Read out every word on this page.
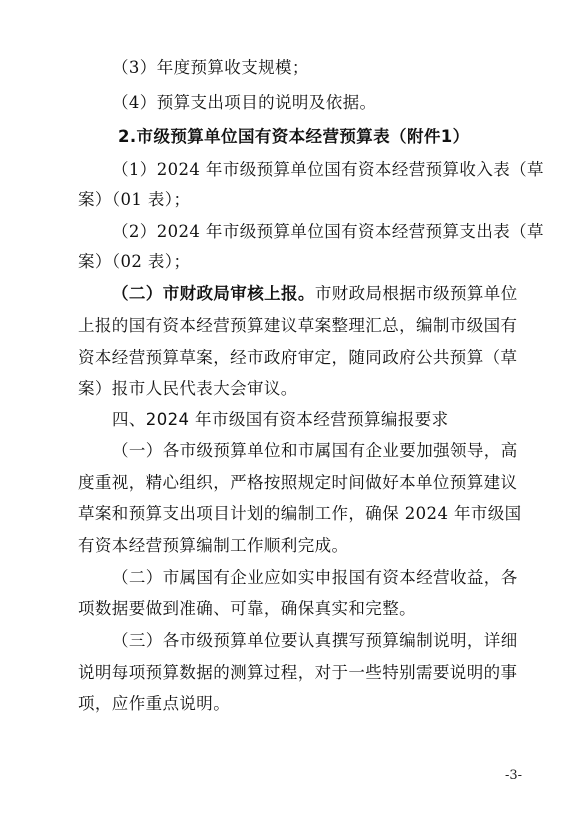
（3）年度预算收支规模；
（4）预算支出项目的说明及依据。
2.市级预算单位国有资本经营预算表（附件1）
（1）2024 年市级预算单位国有资本经营预算收入表（草
案）（01 表）；
（2）2024 年市级预算单位国有资本经营预算支出表（草
案）（02 表）；
（二）市财政局审核上报。市财政局根据市级预算单位
上报的国有资本经营预算建议草案整理汇总，编制市级国有
资本经营预算草案，经市政府审定，随同政府公共预算（草
案）报市人民代表大会审议。
四、2024 年市级国有资本经营预算编报要求
（一）各市级预算单位和市属国有企业要加强领导，高
度重视，精心组织，严格按照规定时间做好本单位预算建议
草案和预算支出项目计划的编制工作，确保 2024 年市级国
有资本经营预算编制工作顺利完成。
（二）市属国有企业应如实申报国有资本经营收益，各
项数据要做到准确、可靠，确保真实和完整。
（三）各市级预算单位要认真撰写预算编制说明，详细
说明每项预算数据的测算过程，对于一些特别需要说明的事
项，应作重点说明。
-3-
